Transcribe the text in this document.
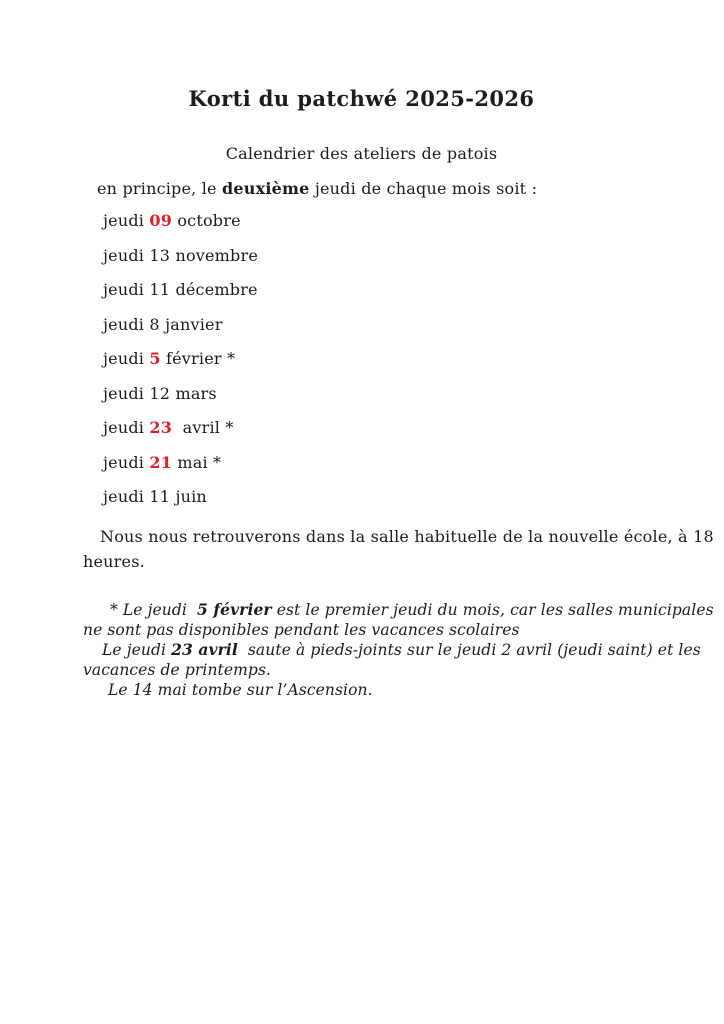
Korti du patchwé 2025-2026

Calendrier des ateliers de patois

en principe, le deuxième jeudi de chaque mois soit :

jeudi 09 octobre
jeudi 13 novembre
jeudi 11 décembre
jeudi 8 janvier
jeudi 5 février *
jeudi 12 mars
jeudi 23  avril *
jeudi 21 mai *
jeudi 11 juin
Nous nous retrouverons dans la salle habituelle de la nouvelle école, à 18
heures.
* Le jeudi  5 février est le premier jeudi du mois, car les salles municipales
ne sont pas disponibles pendant les vacances scolaires
Le jeudi 23 avril  saute à pieds-joints sur le jeudi 2 avril (jeudi saint) et les
vacances de printemps.
Le 14 mai tombe sur l’Ascension.
